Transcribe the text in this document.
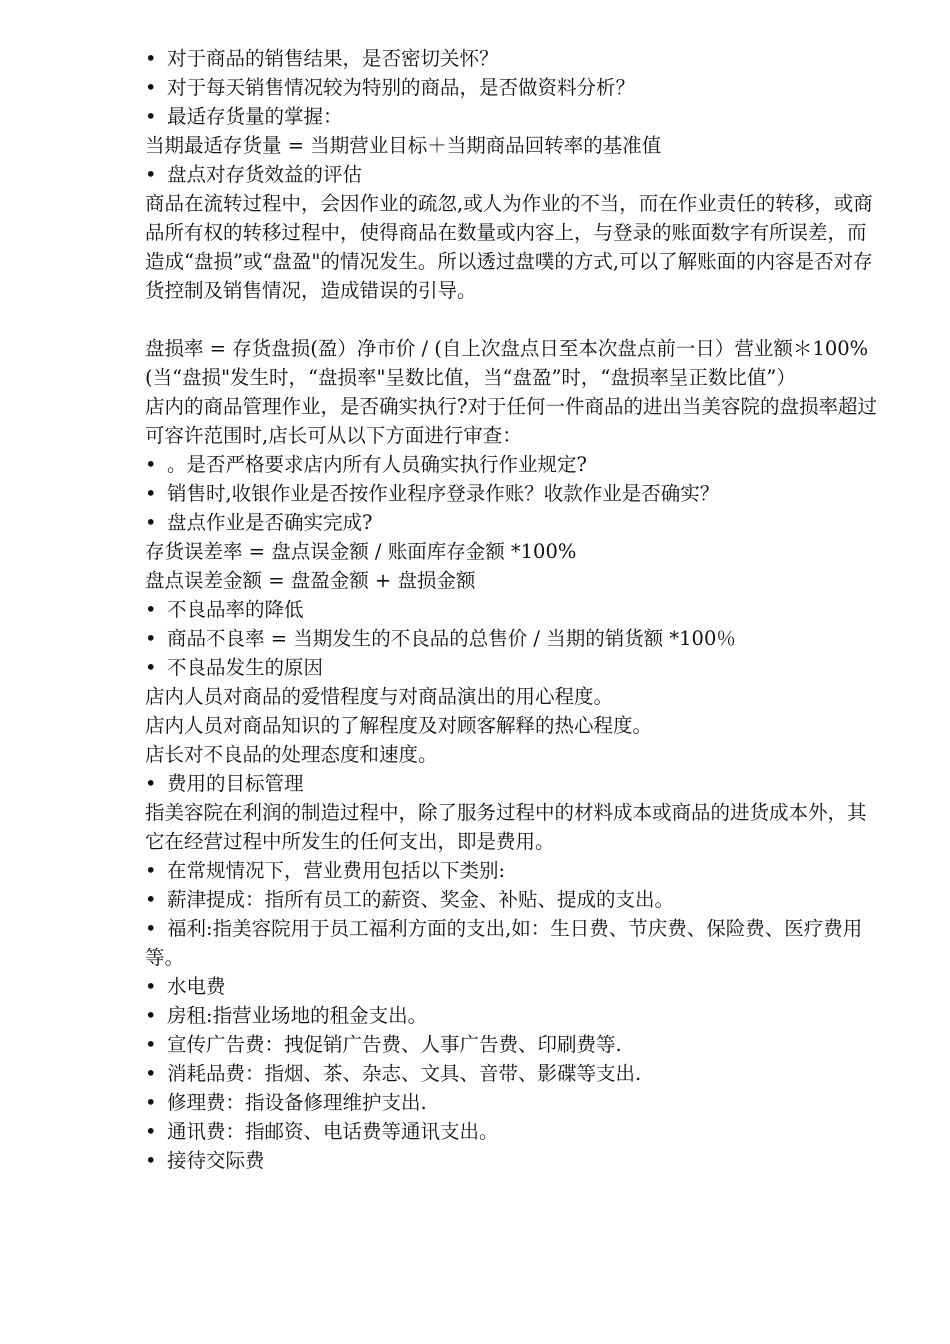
• 对于商品的销售结果，是否密切关怀？
• 对于每天销售情况较为特别的商品，是否做资料分析？
• 最适存货量的掌握：
当期最适存货量 = 当期营业目标＋当期商品回转率的基准值
• 盘点对存货效益的评估
商品在流转过程中，会因作业的疏忽,或人为作业的不当，而在作业责任的转移，或商品所有权的转移过程中，使得商品在数量或内容上，与登录的账面数字有所误差，而造成“盘损”或“盘盈"的情况发生。所以透过盘噗的方式,可以了解账面的内容是否对存货控制及销售情况，造成错误的引导。
盘损率 = 存货盘损(盈）净市价 / (自上次盘点日至本次盘点前一日）营业额＊100%
(当“盘损"发生时，“盘损率"呈数比值，当“盘盈”时，“盘损率呈正数比值”）
店内的商品管理作业，是否确实执行?对于任何一件商品的进出当美容院的盘损率超过可容许范围时,店长可从以下方面进行审查：
• 。是否严格要求店内所有人员确实执行作业规定?
• 销售时,收银作业是否按作业程序登录作账？收款作业是否确实？
• 盘点作业是否确实完成?
存货误差率 = 盘点误金额 / 账面库存金额 *100%
盘点误差金额 = 盘盈金额 + 盘损金额
• 不良品率的降低
• 商品不良率 = 当期发生的不良品的总售价 / 当期的销货额 *100％
• 不良品发生的原因
店内人员对商品的爱惜程度与对商品演出的用心程度。
店内人员对商品知识的了解程度及对顾客解释的热心程度。
店长对不良品的处理态度和速度。
• 费用的目标管理
指美容院在利润的制造过程中，除了服务过程中的材料成本或商品的进货成本外，其它在经营过程中所发生的任何支出，即是费用。
• 在常规情况下，营业费用包括以下类别:
• 薪津提成：指所有员工的薪资、奖金、补贴、提成的支出。
• 福利:指美容院用于员工福利方面的支出,如：生日费、节庆费、保险费、医疗费用等。
• 水电费
• 房租:指营业场地的租金支出。
• 宣传广告费：拽促销广告费、人事广告费、印刷费等.
• 消耗品费：指烟、茶、杂志、文具、音带、影碟等支出.
• 修理费：指设备修理维护支出.
• 通讯费：指邮资、电话费等通讯支出。
• 接待交际费
